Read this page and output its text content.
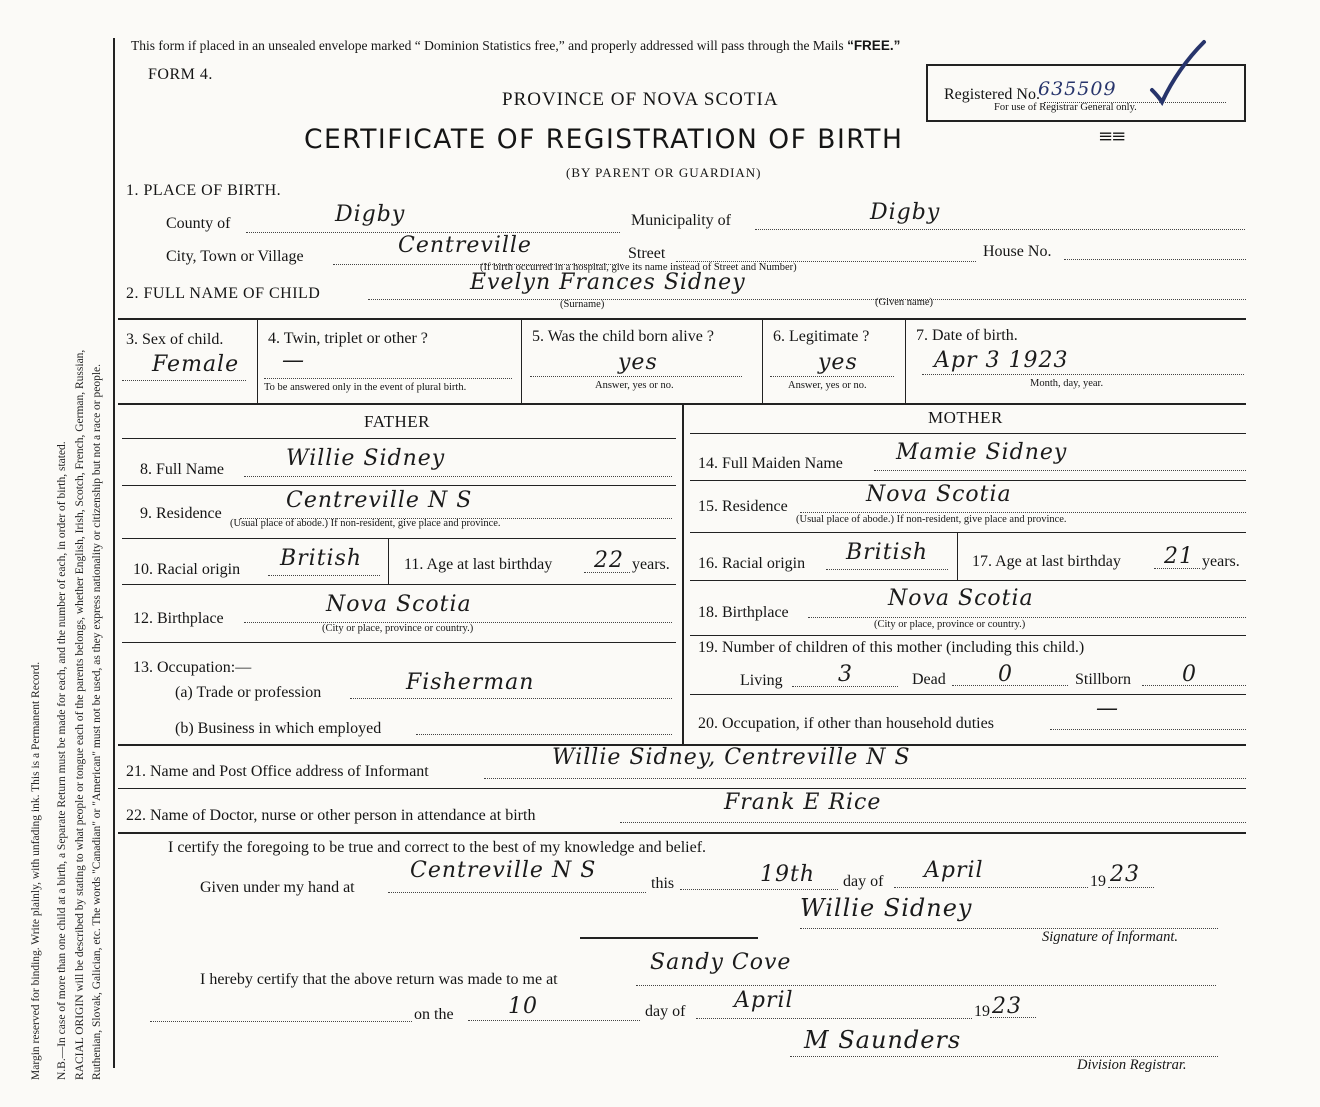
Margin reserved for binding. Write plainly, with unfading ink. This is a Permanent Record. N.B.—In case of more than one child at a birth, a Separate Return must be made for each, and the number of each, in order of birth, stated. RACIAL ORIGIN will be described by stating to what people or tongue each of the parents belongs, whether English, Irish, Scotch, French, German, Russian, Ruthenian, Slovak, Galician, etc. The words "Canadian" or "American" must not be used, as they express nationality or citizenship but not a race or people.
This form if placed in an unsealed envelope marked “ Dominion Statistics free,” and properly addressed will pass through the Mails “FREE.”
FORM 4.
PROVINCE OF NOVA SCOTIA
CERTIFICATE OF REGISTRATION OF BIRTH
(BY PARENT OR GUARDIAN)
≡≡
Registered No.
635509
For use of Registrar General only.
1. PLACE OF BIRTH.
County of	Digby	Municipality of	Digby
City, Town or Village	Centreville	Street	House No.
(If birth occurred in a hospital, give its name instead of Street and Number)
2. FULL NAME OF CHILD	Evelyn Frances Sidney
(Surname)	(Given name)
3. Sex of child.
Female
4. Twin, triplet or other ?
—
To be answered only in the event of plural birth.
5. Was the child born alive ?
yes
Answer, yes or no.
6. Legitimate ?
yes
Answer, yes or no.
7. Date of birth.
Apr 3 1923
Month, day, year.
FATHER	MOTHER
8. Full Name	Willie Sidney
9. Residence
Centreville N S
(Usual place of abode.) If non-resident, give place and province.
10. Racial origin British	11. Age at last birthday 22 years.
12. Birthplace
Nova Scotia
(City or place, province or country.)
13. Occupation:—
(a) Trade or profession	Fisherman
(b) Business in which employed
14. Full Maiden Name Mamie Sidney
15. Residence	Nova Scotia
(Usual place of abode.) If non-resident, give place and province.
16. Racial origin British	17. Age at last birthday 21 years.
18. Birthplace
Nova Scotia
(City or place, province or country.)
19. Number of children of this mother (including this child.)
Living	3	Dead 0	Stillborn 0
20. Occupation, if other than household duties
—
21. Name and Post Office address of Informant
Willie Sidney, Centreville N S
22. Name of Doctor, nurse or other person in attendance at birth
Frank E Rice
I certify the foregoing to be true and correct to the best of my knowledge and belief.
Given under my hand at
Centreville N S
this	19th day of April	19 23
Willie Sidney
Signature of Informant.
I hereby certify that the above return was made to me at
Sandy Cove
on the 10	day of April	19 23
M Saunders
Division Registrar.
